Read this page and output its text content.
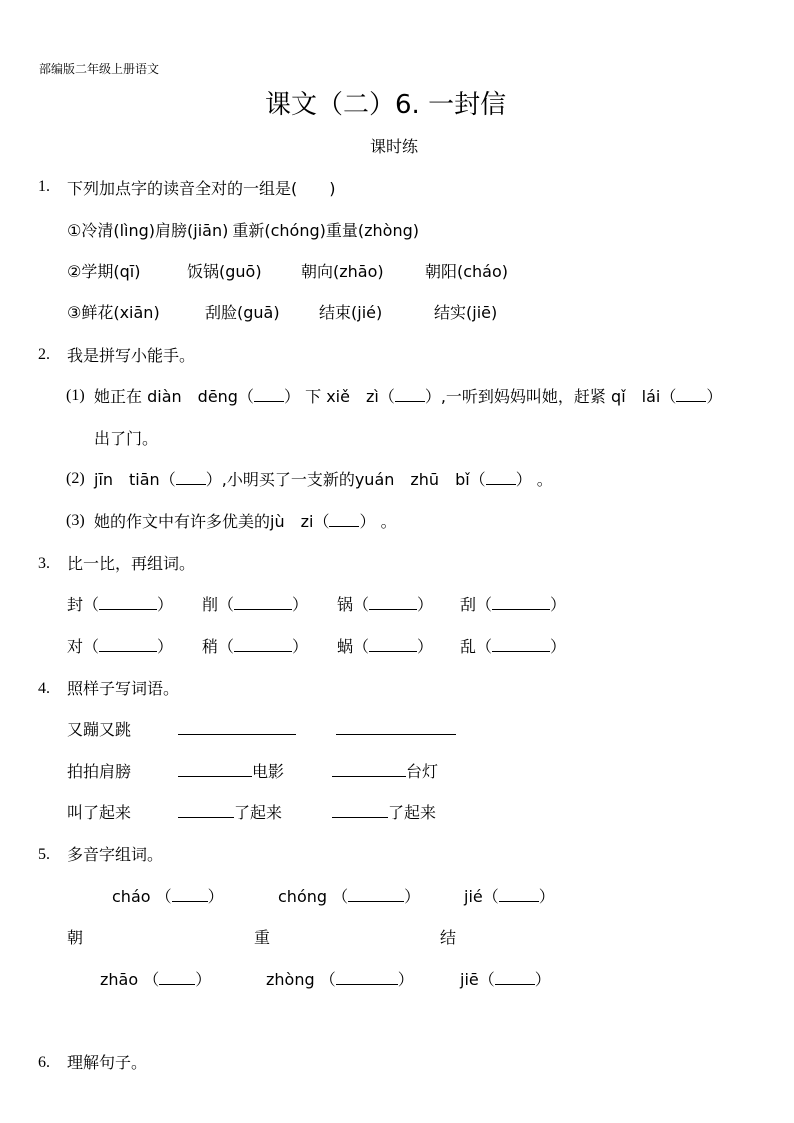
部编版二年级上册语文
课文（二）6. 一封信
课时练
1. 下列加点字的读音全对的一组是(　　)
①冷清(lìng)肩膀(jiān) 重新(chóng)重量(zhòng)
②学期(qī)	饭锅(guō) 朝向(zhāo)	朝阳(cháo)
③鲜花(xiān)	刮脸(guā) 结束(jié)	结实(jiē)
2. 我是拼写小能手。
(1) 她正在 diàn　dēng（ ） 下 xiě　zì（ ）,一听到妈妈叫她，赶紧 qǐ　lái（ ）
出了门。
(2) jīn　tiān（ ）,小明买了一支新的yuán　zhū　bǐ（ ） 。
(3) 她的作文中有许多优美的jù　zi（ ） 。
3. 比一比，再组词。
封（	） 削（	） 锅（	） 刮（	）
对（	） 稍（	） 蜗（	） 乱（	）
4. 照样子写词语。
又蹦又跳
拍拍肩膀	电影	台灯
叫了起来	了起来	了起来
5. 多音字组词。
cháo （ ）	chóng （	）	jié（	）
朝	重	结
zhāo （ ）	zhòng （	）	jiē（	）
6. 理解句子。
